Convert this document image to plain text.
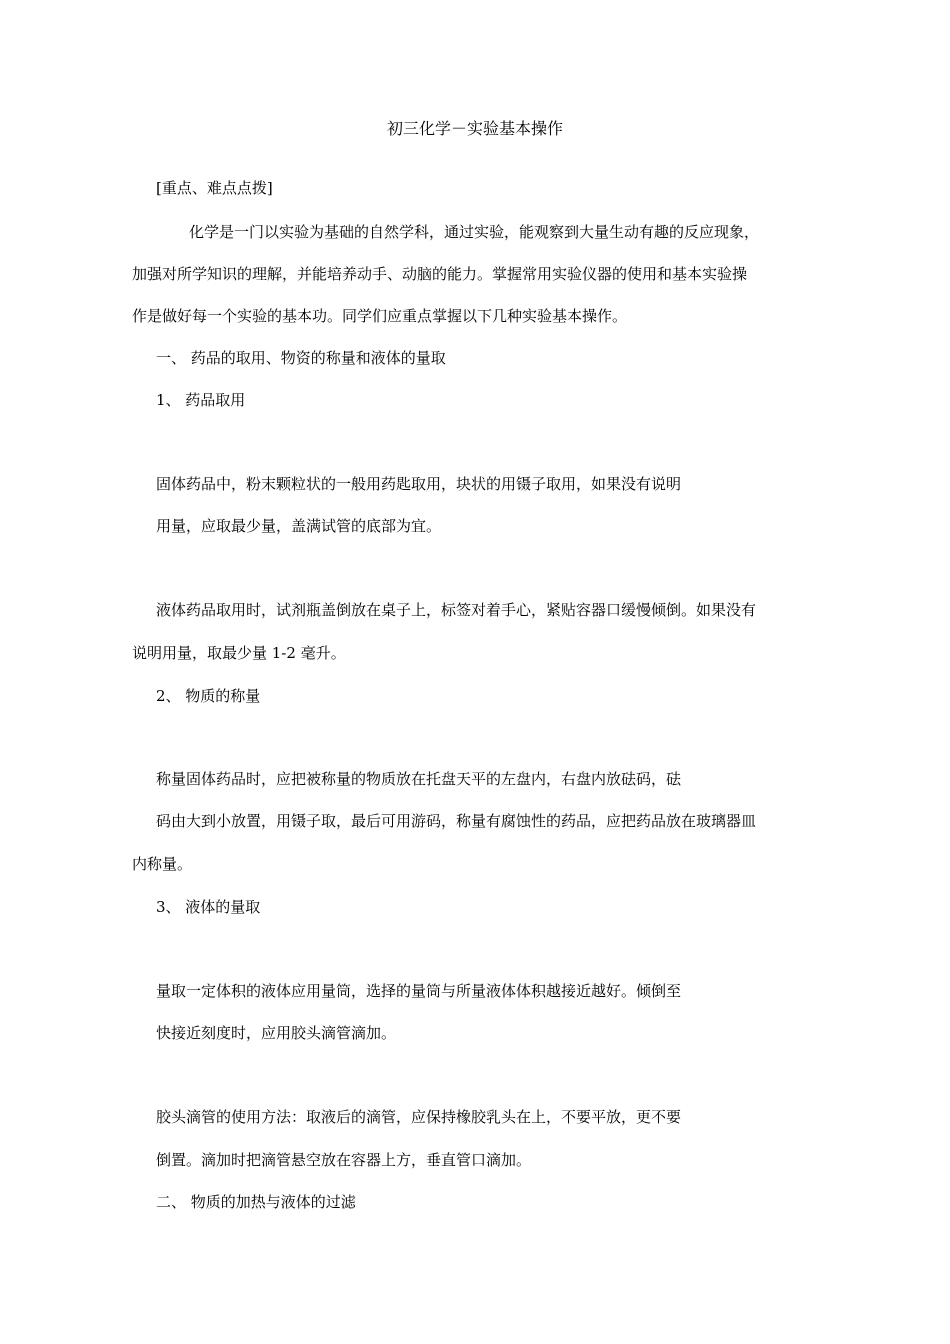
初三化学－实验基本操作
[重点、难点点拨]
化学是一门以实验为基础的自然学科，通过实验，能观察到大量生动有趣的反应现象，
加强对所学知识的理解，并能培养动手、动脑的能力。掌握常用实验仪器的使用和基本实验操
作是做好每一个实验的基本功。同学们应重点掌握以下几种实验基本操作。
一、 药品的取用、物资的称量和液体的量取
1、 药品取用
固体药品中，粉末颗粒状的一般用药匙取用，块状的用镊子取用，如果没有说明
用量，应取最少量，盖满试管的底部为宜。
液体药品取用时，试剂瓶盖倒放在桌子上，标签对着手心，紧贴容器口缓慢倾倒。如果没有
说明用量，取最少量 1-2 毫升。
2、 物质的称量
称量固体药品时，应把被称量的物质放在托盘天平的左盘内，右盘内放砝码，砝
码由大到小放置，用镊子取，最后可用游码，称量有腐蚀性的药品，应把药品放在玻璃器皿
内称量。
3、 液体的量取
量取一定体积的液体应用量筒，选择的量筒与所量液体体积越接近越好。倾倒至
快接近刻度时，应用胶头滴管滴加。
胶头滴管的使用方法：取液后的滴管，应保持橡胶乳头在上，不要平放，更不要
倒置。滴加时把滴管悬空放在容器上方，垂直管口滴加。
二、 物质的加热与液体的过滤
